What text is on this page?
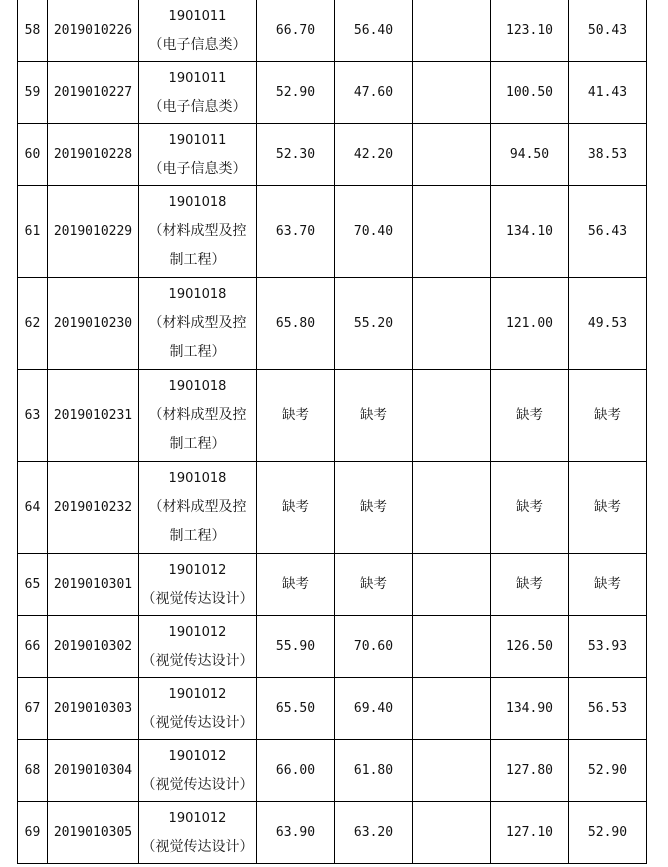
58	2019010226	1901011
（电子信息类）	66.70	56.40		123.10	50.43
59	2019010227	1901011
（电子信息类）	52.90	47.60		100.50	41.43
60	2019010228	1901011
（电子信息类）	52.30	42.20		94.50	38.53
61	2019010229	1901018
（材料成型及控
制工程）	63.70	70.40		134.10	56.43
62	2019010230	1901018
（材料成型及控
制工程）	65.80	55.20		121.00	49.53
63	2019010231	1901018
（材料成型及控
制工程）	缺考	缺考		缺考	缺考
64	2019010232	1901018
（材料成型及控
制工程）	缺考	缺考		缺考	缺考
65	2019010301	1901012
（视觉传达设计）	缺考	缺考		缺考	缺考
66	2019010302	1901012
（视觉传达设计）	55.90	70.60		126.50	53.93
67	2019010303	1901012
（视觉传达设计）	65.50	69.40		134.90	56.53
68	2019010304	1901012
（视觉传达设计）	66.00	61.80		127.80	52.90
69	2019010305	1901012
（视觉传达设计）	63.90	63.20		127.10	52.90
